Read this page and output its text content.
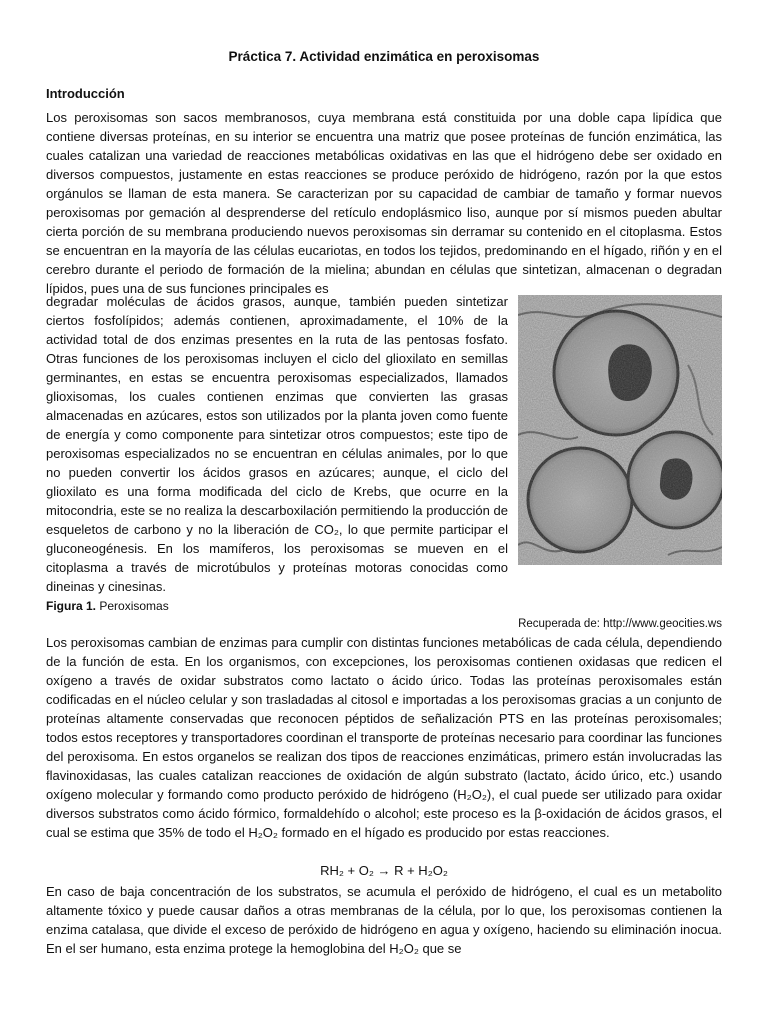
Práctica 7. Actividad enzimática en peroxisomas
Introducción

Los peroxisomas son sacos membranosos, cuya membrana está constituida por una doble capa lipídica que contiene diversas proteínas, en su interior se encuentra una matriz que posee proteínas de función enzimática, las cuales catalizan una variedad de reacciones metabólicas oxidativas en las que el hidrógeno debe ser oxidado en diversos compuestos, justamente en estas reacciones se produce peróxido de hidrógeno, razón por la que estos orgánulos se llaman de esta manera. Se caracterizan por su capacidad de cambiar de tamaño y formar nuevos peroxisomas por gemación al desprenderse del retículo endoplásmico liso, aunque por sí mismos pueden abultar cierta porción de su membrana produciendo nuevos peroxisomas sin derramar su contenido en el citoplasma. Estos se encuentran en la mayoría de las células eucariotas, en todos los tejidos, predominando en el hígado, riñón y en el cerebro durante el periodo de formación de la mielina; abundan en células que sintetizan, almacenan o degradan lípidos, pues una de sus funciones principales es

degradar moléculas de ácidos grasos, aunque, también pueden sintetizar ciertos fosfolípidos; además contienen, aproximadamente, el 10% de la actividad total de dos enzimas presentes en la ruta de las pentosas fosfato. Otras funciones de los peroxisomas incluyen el ciclo del glioxilato en semillas germinantes, en estas se encuentra peroxisomas especializados, llamados glioxisomas, los cuales contienen enzimas que convierten las grasas almacenadas en azúcares, estos son utilizados por la planta joven como fuente de energía y como componente para sintetizar otros compuestos; este tipo de peroxisomas especializados no se encuentran en células animales, por lo que no pueden convertir los ácidos grasos en azúcares; aunque, el ciclo del glioxilato es una forma modificada del ciclo de Krebs, que ocurre en la mitocondria, este se no realiza la descarboxilación permitiendo la producción de esqueletos de carbono y no la liberación de CO₂, lo que permite participar el gluconeogénesis. En los mamíferos, los peroxisomas se mueven en el citoplasma a través de microtúbulos y proteínas motoras conocidas como dineinas y cinesinas.

Figura 1. Peroxisomas
Recuperada de: http://www.geocities.ws

Los peroxisomas cambian de enzimas para cumplir con distintas funciones metabólicas de cada célula, dependiendo de la función de esta. En los organismos, con excepciones, los peroxisomas contienen oxidasas que redicen el oxígeno a través de oxidar substratos como lactato o ácido úrico. Todas las proteínas peroxisomales están codificadas en el núcleo celular y son trasladadas al citosol e importadas a los peroxisomas gracias a un conjunto de proteínas altamente conservadas que reconocen péptidos de señalización PTS en las proteínas peroxisomales; todos estos receptores y transportadores coordinan el transporte de proteínas necesario para coordinar las funciones del peroxisoma. En estos organelos se realizan dos tipos de reacciones enzimáticas, primero están involucradas las flavinoxidasas, las cuales catalizan reacciones de oxidación de algún substrato (lactato, ácido úrico, etc.) usando oxígeno molecular y formando como producto peróxido de hidrógeno (H₂O₂), el cual puede ser utilizado para oxidar diversos substratos como ácido fórmico, formaldehído o alcohol; este proceso es la β-oxidación de ácidos grasos, el cual se estima que 35% de todo el H₂O₂ formado en el hígado es producido por estas reacciones.

RH₂ + O₂ → R + H₂O₂

En caso de baja concentración de los substratos, se acumula el peróxido de hidrógeno, el cual es un metabolito altamente tóxico y puede causar daños a otras membranas de la célula, por lo que, los peroxisomas contienen la enzima catalasa, que divide el exceso de peróxido de hidrógeno en agua y oxígeno, haciendo su eliminación inocua. En el ser humano, esta enzima protege la hemoglobina del H₂O₂ que se
